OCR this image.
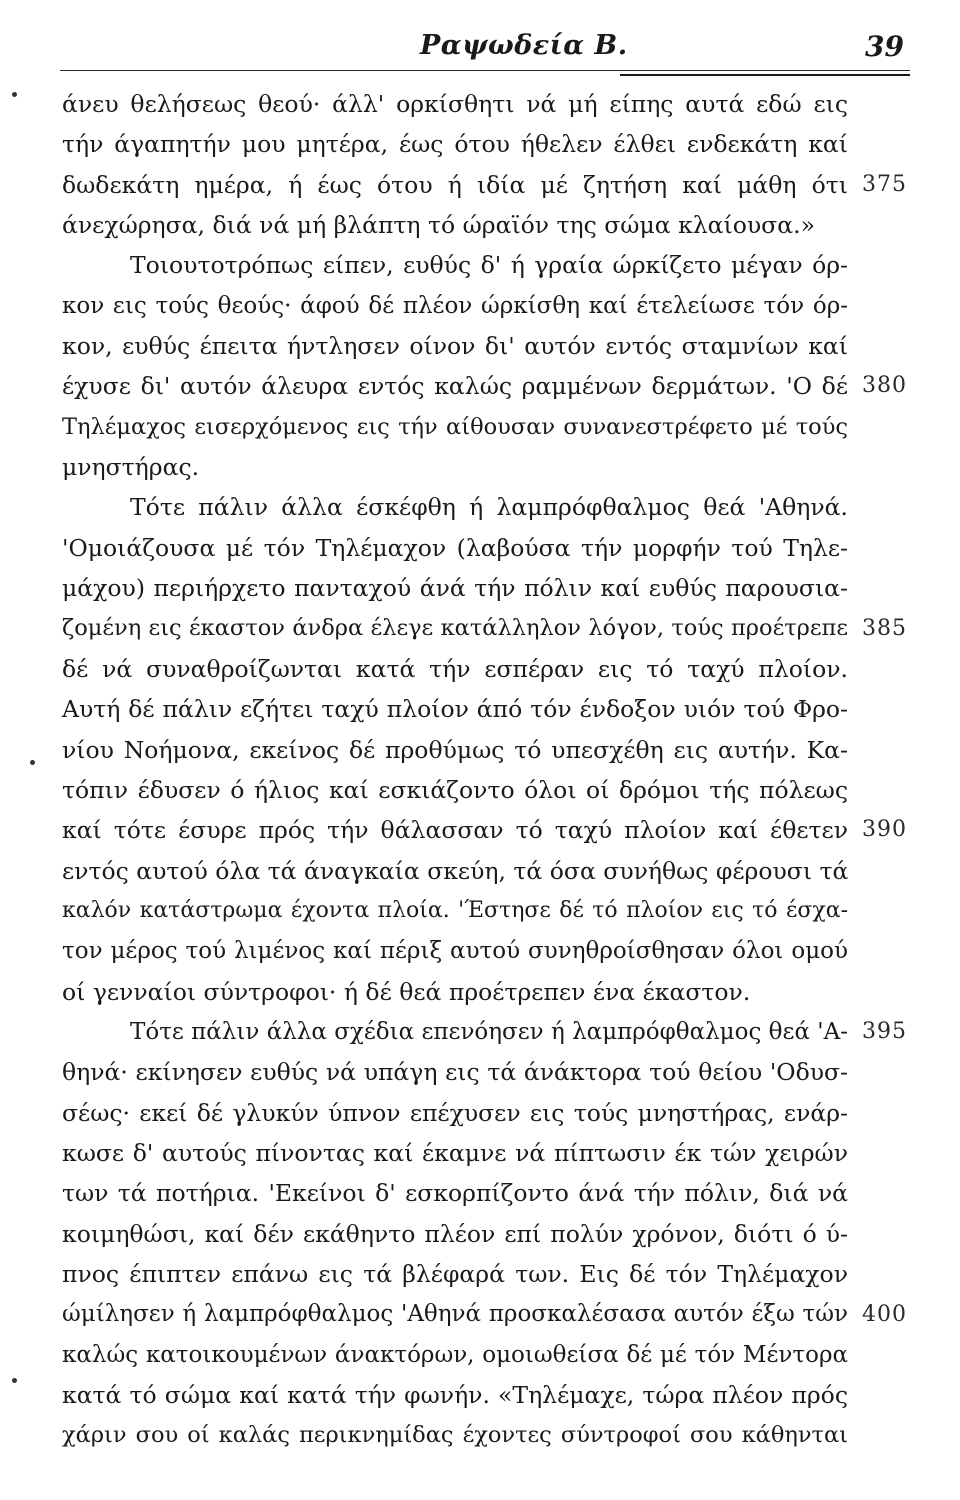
Ραψωδεία Β.	39
άνευ θελήσεως θεού· άλλ' ορκίσθητι νά μή είπης αυτά εδώ εις
τήν άγαπητήν μου μητέρα, έως ότου ήθελεν έλθει ενδεκάτη καί
δωδεκάτη ημέρα, ή έως ότου ή ιδία μέ ζητήση καί μάθη ότι
άνεχώρησα, διά νά μή βλάπτη τό ώραϊόν της σώμα κλαίουσα.»
Τοιουτοτρόπως είπεν, ευθύς δ' ή γραία ώρκίζετο μέγαν όρ-
κον εις τούς θεούς· άφού δέ πλέον ώρκίσθη καί έτελείωσε τόν όρ-
κον, ευθύς έπειτα ήντλησεν οίνον δι' αυτόν εντός σταμνίων καί
έχυσε δι' αυτόν άλευρα εντός καλώς ραμμένων δερμάτων. 'Ο δέ
Τηλέμαχος εισερχόμενος εις τήν αίθουσαν συνανεστρέφετο μέ τούς
μνηστήρας.
Τότε πάλιν άλλα έσκέφθη ή λαμπρόφθαλμος θεά 'Αθηνά.
'Ομοιάζουσα μέ τόν Τηλέμαχον (λαβούσα τήν μορφήν τού Τηλε-
μάχου) περιήρχετο πανταχού άνά τήν πόλιν καί ευθύς παρουσια-
ζομένη εις έκαστον άνδρα έλεγε κατάλληλον λόγον, τούς προέτρεπε
δέ νά συναθροίζωνται κατά τήν εσπέραν εις τό ταχύ πλοίον.
Αυτή δέ πάλιν εζήτει ταχύ πλοίον άπό τόν ένδοξον υιόν τού Φρο-
νίου Νοήμονα, εκείνος δέ προθύμως τό υπεσχέθη εις αυτήν. Κα-
τόπιν έδυσεν ό ήλιος καί εσκιάζοντο όλοι οί δρόμοι τής πόλεως
καί τότε έσυρε πρός τήν θάλασσαν τό ταχύ πλοίον καί έθετεν
εντός αυτού όλα τά άναγκαία σκεύη, τά όσα συνήθως φέρουσι τά
καλόν κατάστρωμα έχοντα πλοία. 'Έστησε δέ τό πλοίον εις τό έσχα-
τον μέρος τού λιμένος καί πέριξ αυτού συνηθροίσθησαν όλοι ομού
οί γενναίοι σύντροφοι· ή δέ θεά προέτρεπεν ένα έκαστον.
Τότε πάλιν άλλα σχέδια επενόησεν ή λαμπρόφθαλμος θεά 'Α-
θηνά· εκίνησεν ευθύς νά υπάγη εις τά άνάκτορα τού θείου 'Οδυσ-
σέως· εκεί δέ γλυκύν ύπνον επέχυσεν εις τούς μνηστήρας, ενάρ-
κωσε δ' αυτούς πίνοντας καί έκαμνε νά πίπτωσιν έκ τών χειρών
των τά ποτήρια. 'Εκείνοι δ' εσκορπίζοντο άνά τήν πόλιν, διά νά
κοιμηθώσι, καί δέν εκάθηντο πλέον επί πολύν χρόνον, διότι ό ύ-
πνος έπιπτεν επάνω εις τά βλέφαρά των. Εις δέ τόν Τηλέμαχον
ώμίλησεν ή λαμπρόφθαλμος 'Αθηνά προσκαλέσασα αυτόν έξω τών
καλώς κατοικουμένων άνακτόρων, ομοιωθείσα δέ μέ τόν Μέντορα
κατά τό σώμα καί κατά τήν φωνήν. «Τηλέμαχε, τώρα πλέον πρός
χάριν σου οί καλάς περικνημίδας έχοντες σύντροφοί σου κάθηνται
375
380
385
390
395
400
